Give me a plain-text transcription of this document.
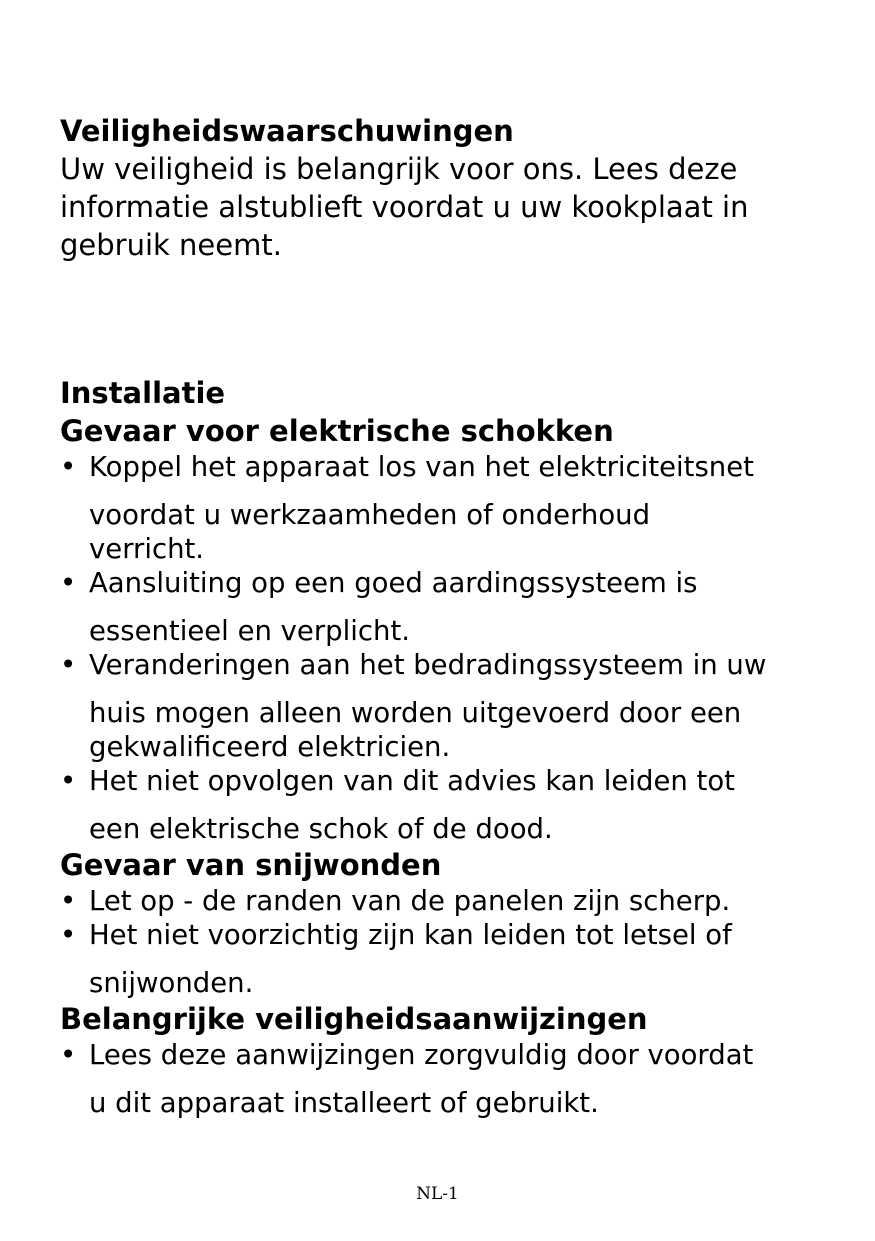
Veiligheidswaarschuwingen

Uw veiligheid is belangrijk voor ons. Lees deze
informatie alstublieft voordat u uw kookplaat in
gebruik neemt.

Installatie
Gevaar voor elektrische schokken
• Koppel het apparaat los van het elektriciteitsnet
voordat u werkzaamheden of onderhoud
verricht.
• Aansluiting op een goed aardingssysteem is
essentieel en verplicht.
• Veranderingen aan het bedradingssysteem in uw
huis mogen alleen worden uitgevoerd door een
gekwalificeerd elektricien.
• Het niet opvolgen van dit advies kan leiden tot
een elektrische schok of de dood.
Gevaar van snijwonden
• Let op - de randen van de panelen zijn scherp.
• Het niet voorzichtig zijn kan leiden tot letsel of
snijwonden.
Belangrijke veiligheidsaanwijzingen
• Lees deze aanwijzingen zorgvuldig door voordat
u dit apparaat installeert of gebruikt.
NL-1
